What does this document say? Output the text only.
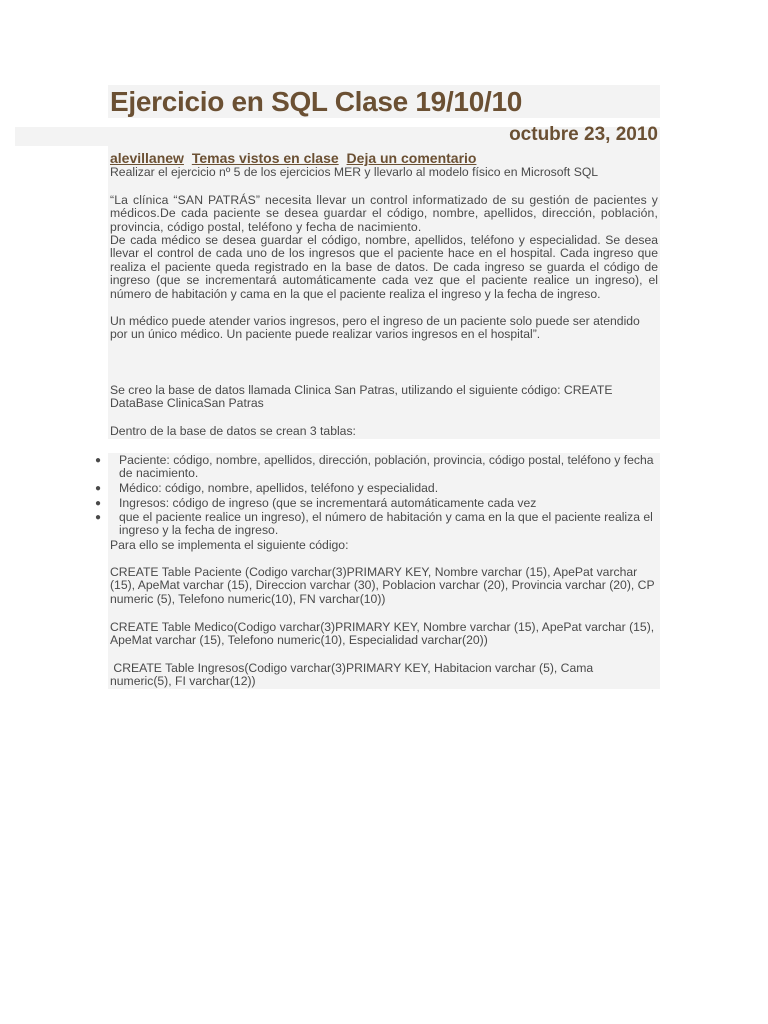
Ejercicio en SQL Clase 19/10/10
octubre 23, 2010
alevillanew Temas vistos en clase Deja un comentario
Realizar el ejercicio nº 5 de los ejercicios MER y llevarlo al modelo físico en Microsoft SQL
“La clínica “SAN PATRÁS” necesita llevar un control informatizado de su gestión de pacientes y médicos.De cada paciente se desea guardar el código, nombre, apellidos, dirección, población, provincia, código postal, teléfono y fecha de nacimiento.
De cada médico se desea guardar el código, nombre, apellidos, teléfono y especialidad. Se desea llevar el control de cada uno de los ingresos que el paciente hace en el hospital. Cada ingreso que realiza el paciente queda registrado en la base de datos. De cada ingreso se guarda el código de ingreso (que se incrementará automáticamente cada vez que el paciente realice un ingreso), el número de habitación y cama en la que el paciente realiza el ingreso y la fecha de ingreso.
Un médico puede atender varios ingresos, pero el ingreso de un paciente solo puede ser atendido por un único médico. Un paciente puede realizar varios ingresos en el hospital”.
Se creo la base de datos llamada Clinica San Patras, utilizando el siguiente código: CREATE DataBase ClinicaSan Patras
Dentro de la base de datos se crean 3 tablas:
● Paciente: código, nombre, apellidos, dirección, población, provincia, código postal, teléfono y fecha de nacimiento.
● Médico: código, nombre, apellidos, teléfono y especialidad.
● Ingresos: código de ingreso (que se incrementará automáticamente cada vez
● que el paciente realice un ingreso), el número de habitación y cama en la que el paciente realiza el ingreso y la fecha de ingreso.
Para ello se implementa el siguiente código:
CREATE Table Paciente (Codigo varchar(3)PRIMARY KEY, Nombre varchar (15), ApePat varchar (15), ApeMat varchar (15), Direccion varchar (30), Poblacion varchar (20), Provincia varchar (20), CP numeric (5), Telefono numeric(10), FN varchar(10))
CREATE Table Medico(Codigo varchar(3)PRIMARY KEY, Nombre varchar (15), ApePat varchar (15), ApeMat varchar (15), Telefono numeric(10), Especialidad varchar(20))
CREATE Table Ingresos(Codigo varchar(3)PRIMARY KEY, Habitacion varchar (5), Cama numeric(5), FI varchar(12))
